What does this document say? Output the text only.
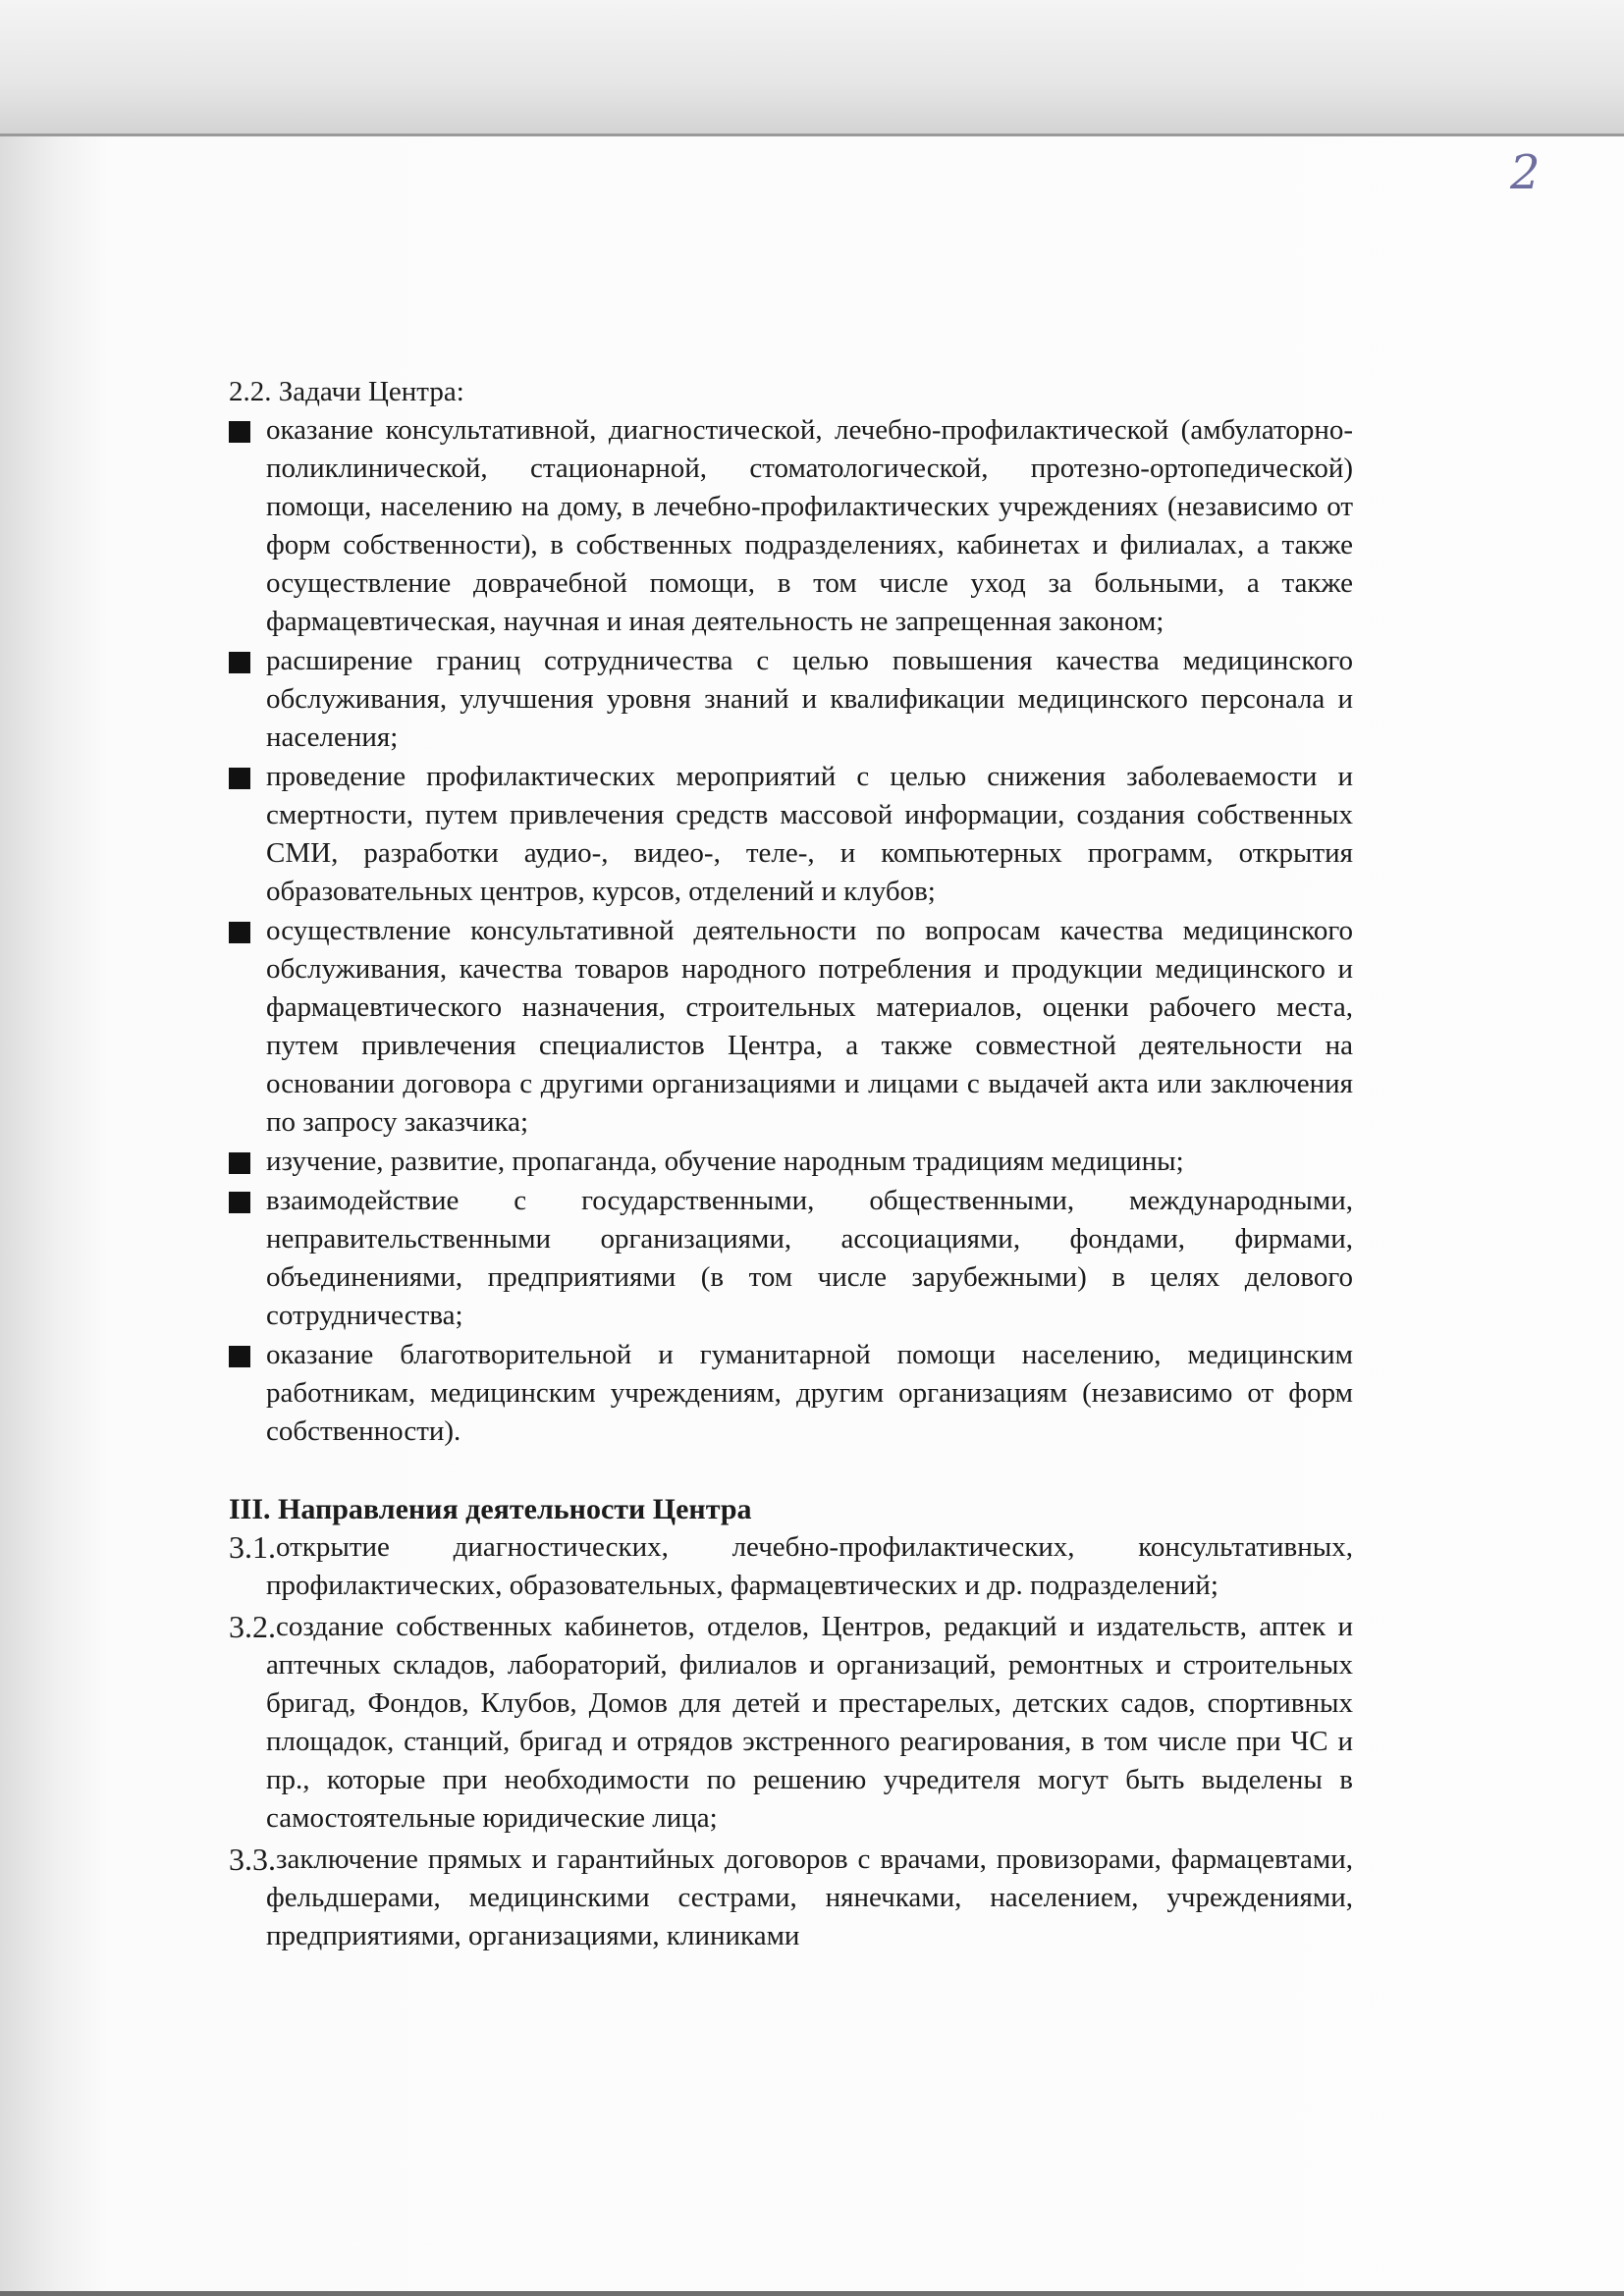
2

2.2. Задачи Центра:

оказание консультативной, диагностической, лечебно-профилактической (амбулаторно-поликлинической, стационарной, стоматологической, протезно-ортопедической) помощи, населению на дому, в лечебно-профилактических учреждениях (независимо от форм собственности), в собственных подразделениях, кабинетах и филиалах, а также осуществление доврачебной помощи, в том числе уход за больными, а также фармацевтическая, научная и иная деятельность не запрещенная законом;
расширение границ сотрудничества с целью повышения качества медицинского обслуживания, улучшения уровня знаний и квалификации медицинского персонала и населения;
проведение профилактических мероприятий с целью снижения заболеваемости и смертности, путем привлечения средств массовой информации, создания собственных СМИ, разработки аудио-, видео-, теле-, и компьютерных программ, открытия образовательных центров, курсов, отделений и клубов;
осуществление консультативной деятельности по вопросам качества медицинского обслуживания, качества товаров народного потребления и продукции медицинского и фармацевтического назначения, строительных материалов, оценки рабочего места, путем привлечения специалистов Центра, а также совместной деятельности на основании договора с другими организациями и лицами с выдачей акта или заключения по запросу заказчика;
изучение, развитие, пропаганда, обучение народным традициям медицины;
взаимодействие с государственными, общественными, международными, неправительственными организациями, ассоциациями, фондами, фирмами, объединениями, предприятиями (в том числе зарубежными) в целях делового сотрудничества;
оказание благотворительной и гуманитарной помощи населению, медицинским работникам, медицинским учреждениям, другим организациям (независимо от форм собственности).
III. Направления деятельности Центра
3.1. открытие диагностических, лечебно-профилактических, консультативных, профилактических, образовательных, фармацевтических и др. подразделений;
3.2. создание собственных кабинетов, отделов, Центров, редакций и издательств, аптек и аптечных складов, лабораторий, филиалов и организаций, ремонтных и строительных бригад, Фондов, Клубов, Домов для детей и престарелых, детских садов, спортивных площадок, станций, бригад и отрядов экстренного реагирования, в том числе при ЧС и пр., которые при необходимости по решению учредителя могут быть выделены в самостоятельные юридические лица;
3.3. заключение прямых и гарантийных договоров с врачами, провизорами, фармацевтами, фельдшерами, медицинскими сестрами, нянечками, населением, учреждениями, предприятиями, организациями, клиниками
